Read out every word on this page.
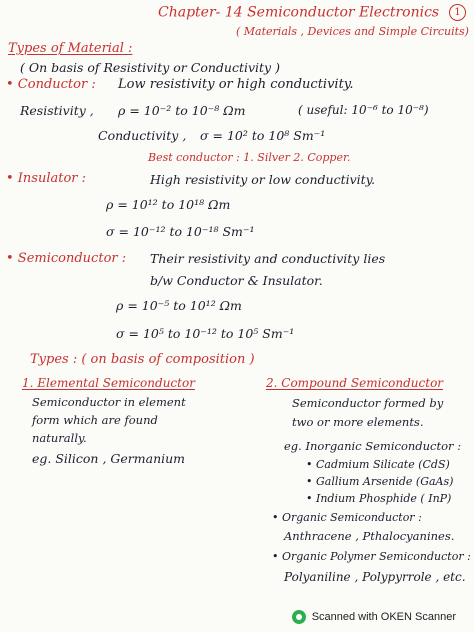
Chapter- 14 Semiconductor Electronics 1
( Materials , Devices and Simple Circuits)
Types of Material :
( On basis of Resistivity or Conductivity )
• Conductor : Low resistivity or high conductivity.
Resistivity , ρ = 10⁻² to 10⁻⁸ Ωm	( useful: 10⁻⁶ to 10⁻⁸)
Conductivity , σ = 10² to 10⁸ Sm⁻¹
Best conductor : 1. Silver 2. Copper.
• Insulator :	High resistivity or low conductivity.
ρ = 10¹² to 10¹⁸ Ωm
σ = 10⁻¹² to 10⁻¹⁸ Sm⁻¹
• Semiconductor : Their resistivity and conductivity lies
b/w Conductor & Insulator.
ρ = 10⁻⁵ to 10¹² Ωm
σ = 10⁵ to 10⁻¹² to 10⁵ Sm⁻¹
Types : ( on basis of composition )
1. Elemental Semiconductor
Semiconductor in element
form which are found
naturally.
eg. Silicon , Germanium
2. Compound Semiconductor
Semiconductor formed by
two or more elements.
eg. Inorganic Semiconductor :
• Cadmium Silicate (CdS)
• Gallium Arsenide (GaAs)
• Indium Phosphide ( InP)
• Organic Semiconductor :
Anthracene , Pthalocyanines.
• Organic Polymer Semiconductor :
Polyaniline , Polypyrrole , etc.
Scanned with OKEN Scanner
